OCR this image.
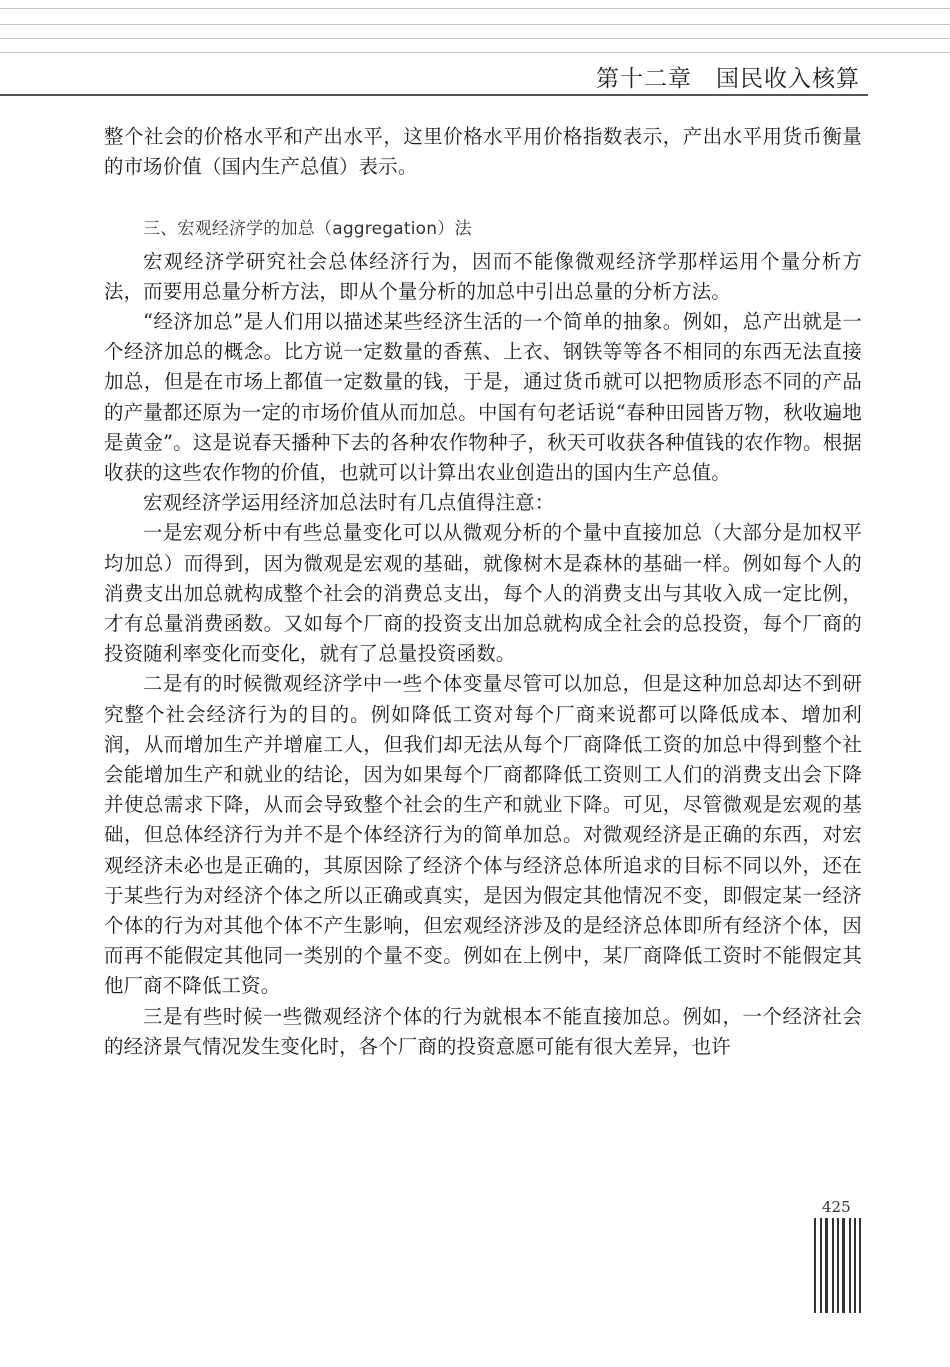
第十二章 国民收入核算

整个社会的价格水平和产出水平，这里价格水平用价格指数表示，产出水平用货币衡量的市场价值（国内生产总值）表示。

三、宏观经济学的加总（aggregation）法

宏观经济学研究社会总体经济行为，因而不能像微观经济学那样运用个量分析方法，而要用总量分析方法，即从个量分析的加总中引出总量的分析方法。

“经济加总”是人们用以描述某些经济生活的一个简单的抽象。例如，总产出就是一个经济加总的概念。比方说一定数量的香蕉、上衣、钢铁等等各不相同的东西无法直接加总，但是在市场上都值一定数量的钱，于是，通过货币就可以把物质形态不同的产品的产量都还原为一定的市场价值从而加总。中国有句老话说“春种田园皆万物，秋收遍地是黄金”。这是说春天播种下去的各种农作物种子，秋天可收获各种值钱的农作物。根据收获的这些农作物的价值，也就可以计算出农业创造出的国内生产总值。

宏观经济学运用经济加总法时有几点值得注意：

一是宏观分析中有些总量变化可以从微观分析的个量中直接加总（大部分是加权平均加总）而得到，因为微观是宏观的基础，就像树木是森林的基础一样。例如每个人的消费支出加总就构成整个社会的消费总支出，每个人的消费支出与其收入成一定比例，才有总量消费函数。又如每个厂商的投资支出加总就构成全社会的总投资，每个厂商的投资随利率变化而变化，就有了总量投资函数。

二是有的时候微观经济学中一些个体变量尽管可以加总，但是这种加总却达不到研究整个社会经济行为的目的。例如降低工资对每个厂商来说都可以降低成本、增加利润，从而增加生产并增雇工人，但我们却无法从每个厂商降低工资的加总中得到整个社会能增加生产和就业的结论，因为如果每个厂商都降低工资则工人们的消费支出会下降并使总需求下降，从而会导致整个社会的生产和就业下降。可见，尽管微观是宏观的基础，但总体经济行为并不是个体经济行为的简单加总。对微观经济是正确的东西，对宏观经济未必也是正确的，其原因除了经济个体与经济总体所追求的目标不同以外，还在于某些行为对经济个体之所以正确或真实，是因为假定其他情况不变，即假定某一经济个体的行为对其他个体不产生影响，但宏观经济涉及的是经济总体即所有经济个体，因而再不能假定其他同一类别的个量不变。例如在上例中，某厂商降低工资时不能假定其他厂商不降低工资。

三是有些时候一些微观经济个体的行为就根本不能直接加总。例如，一个经济社会的经济景气情况发生变化时，各个厂商的投资意愿可能有很大差异，也许

425
